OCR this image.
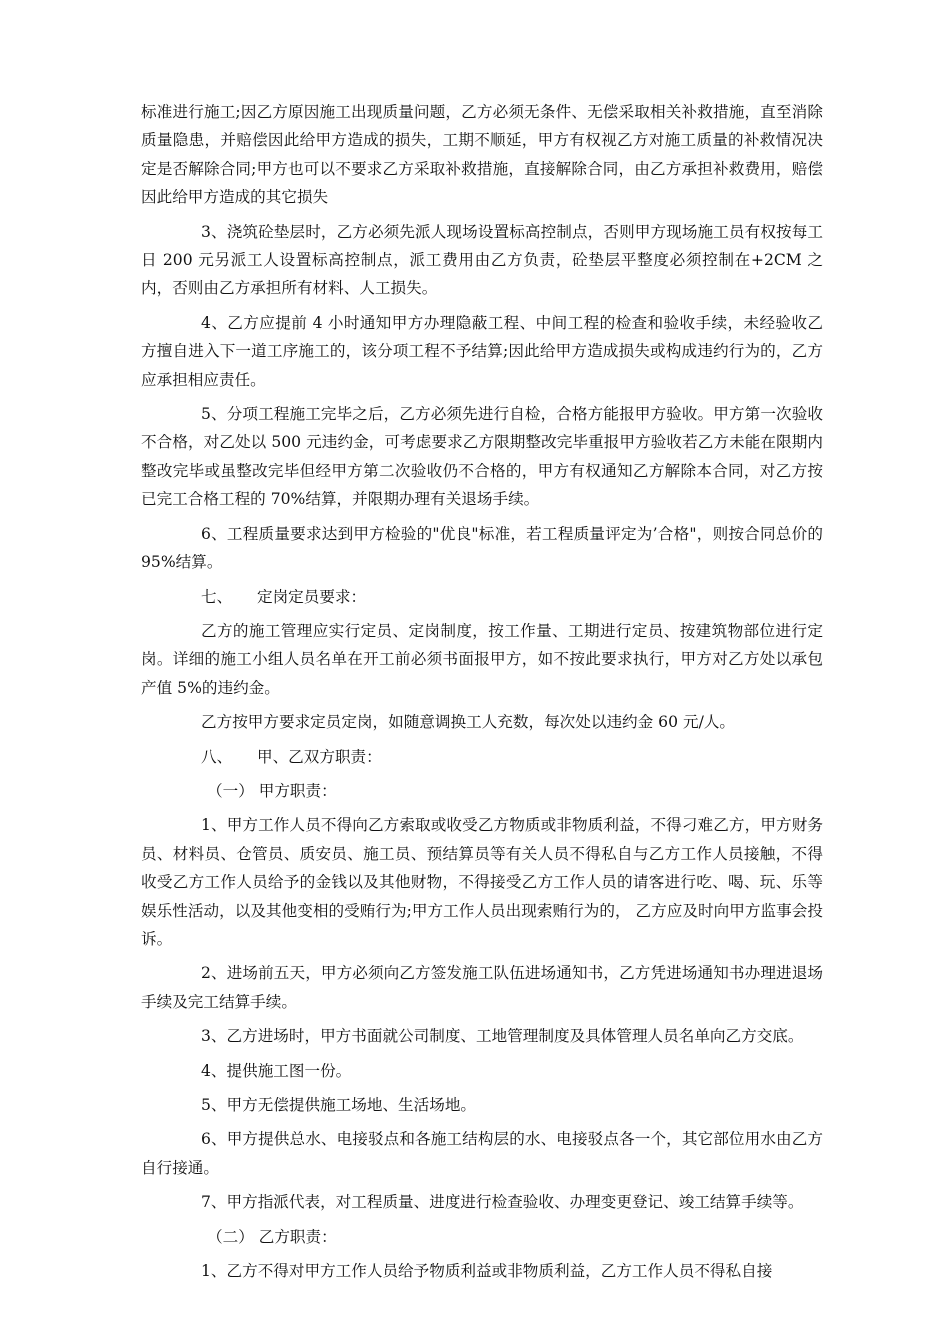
标准进行施工;因乙方原因施工出现质量问题，乙方必须无条件、无偿采取相关补救措施，直至消除质量隐患，并赔偿因此给甲方造成的损失，工期不顺延，甲方有权视乙方对施工质量的补救情况决定是否解除合同;甲方也可以不要求乙方采取补救措施，直接解除合同，由乙方承担补救费用，赔偿因此给甲方造成的其它损失

3、浇筑砼垫层时，乙方必须先派人现场设置标高控制点，否则甲方现场施工员有权按每工日 200 元另派工人设置标高控制点，派工费用由乙方负责，砼垫层平整度必须控制在+2CM 之内，否则由乙方承担所有材料、人工损失。

4、乙方应提前 4 小时通知甲方办理隐蔽工程、中间工程的检查和验收手续，未经验收乙方擅自进入下一道工序施工的，该分项工程不予结算;因此给甲方造成损失或构成违约行为的，乙方应承担相应责任。

5、分项工程施工完毕之后，乙方必须先进行自检，合格方能报甲方验收。甲方第一次验收不合格，对乙处以 500 元违约金，可考虑要求乙方限期整改完毕重报甲方验收若乙方未能在限期内整改完毕或虽整改完毕但经甲方第二次验收仍不合格的，甲方有权通知乙方解除本合同，对乙方按已完工合格工程的 70%结算，并限期办理有关退场手续。

6、工程质量要求达到甲方检验的"优良"标准，若工程质量评定为’合格"，则按合同总价的 95%结算。

七、     定岗定员要求：

乙方的施工管理应实行定员、定岗制度，按工作量、工期进行定员、按建筑物部位进行定岗。详细的施工小组人员名单在开工前必须书面报甲方，如不按此要求执行，甲方对乙方处以承包产值 5%的违约金。

乙方按甲方要求定员定岗，如随意调换工人充数，每次处以违约金 60 元/人。

八、     甲、乙双方职责：

（一） 甲方职责：

1、甲方工作人员不得向乙方索取或收受乙方物质或非物质利益，不得刁难乙方，甲方财务员、材料员、仓管员、质安员、施工员、预结算员等有关人员不得私自与乙方工作人员接触，不得收受乙方工作人员给予的金钱以及其他财物，不得接受乙方工作人员的请客进行吃、喝、玩、乐等娱乐性活动，以及其他变相的受贿行为;甲方工作人员出现索贿行为的， 乙方应及时向甲方监事会投诉。

2、进场前五天，甲方必须向乙方签发施工队伍进场通知书，乙方凭进场通知书办理进退场手续及完工结算手续。

3、乙方进场时，甲方书面就公司制度、工地管理制度及具体管理人员名单向乙方交底。

4、提供施工图一份。

5、甲方无偿提供施工场地、生活场地。

6、甲方提供总水、电接驳点和各施工结构层的水、电接驳点各一个，其它部位用水由乙方自行接通。

7、甲方指派代表，对工程质量、进度进行检查验收、办理变更登记、竣工结算手续等。

（二） 乙方职责：

1、乙方不得对甲方工作人员给予物质利益或非物质利益，乙方工作人员不得私自接
